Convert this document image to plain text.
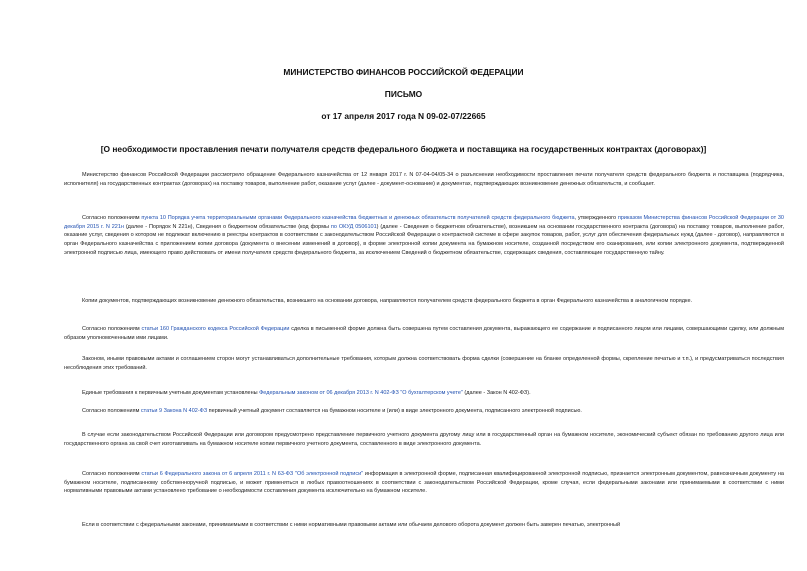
МИНИСТЕРСТВО ФИНАНСОВ РОССИЙСКОЙ ФЕДЕРАЦИИ
ПИСЬМО
от 17 апреля 2017 года N 09-02-07/22665
[О необходимости проставления печати получателя средств федерального бюджета и поставщика на государственных контрактах (договорах)]

Министерство финансов Российской Федерации рассмотрело обращение Федерального казначейства от 12 января 2017 г. N 07-04-04/05-34 о разъяснении необходимости проставления печати получателя средств федерального бюджета и поставщика (подрядчика, исполнителя) на государственных контрактах (договорах) на поставку товаров, выполнение работ, оказание услуг (далее - документ-основание) и документах, подтверждающих возникновение денежных обязательств, и сообщает.

Согласно положениям пункта 10 Порядка учета территориальными органами Федерального казначейства бюджетных и денежных обязательств получателей средств федерального бюджета, утвержденного приказом Министерства финансов Российской Федерации от 30 декабря 2015 г. N 221н (далее - Порядок N 221н), Сведения о бюджетном обязательстве (код формы по ОКУД 0506101) (далее - Сведения о бюджетном обязательстве), возникшем на основании государственного контракта (договора) на поставку товаров, выполнение работ, оказание услуг, сведения о котором не подлежат включению в реестры контрактов в соответствии с законодательством Российской Федерации о контрактной системе в сфере закупок товаров, работ, услуг для обеспечения федеральных нужд (далее - договор), направляются в орган Федерального казначейства с приложением копии договора (документа о внесении изменений в договор), в форме электронной копии документа на бумажном носителе, созданной посредством его сканирования, или копии электронного документа, подтвержденной электронной подписью лица, имеющего право действовать от имени получателя средств федерального бюджета, за исключением Сведений о бюджетном обязательстве, содержащих сведения, составляющие государственную тайну.

Копии документов, подтверждающих возникновение денежного обязательства, возникшего на основании договора, направляются получателем средств федерального бюджета в орган Федерального казначейства в аналогичном порядке.

Согласно положениям статьи 160 Гражданского кодекса Российской Федерации сделка в письменной форме должна быть совершена путем составления документа, выражающего ее содержание и подписанного лицом или лицами, совершающими сделку, или должным образом уполномоченными ими лицами.

Законом, иными правовыми актами и соглашением сторон могут устанавливаться дополнительные требования, которым должна соответствовать форма сделки (совершение на бланке определенной формы, скрепление печатью и т.п.), и предусматриваться последствия несоблюдения этих требований.

Единые требования к первичным учетным документам установлены Федеральным законом от 06 декабря 2013 г. N 402-ФЗ "О бухгалтерском учете" (далее - Закон N 402-ФЗ).

Согласно положениям статьи 9 Закона N 402-ФЗ первичный учетный документ составляется на бумажном носителе и (или) в виде электронного документа, подписанного электронной подписью.

В случае если законодательством Российской Федерации или договором предусмотрено представление первичного учетного документа другому лицу или в государственный орган на бумажном носителе, экономический субъект обязан по требованию другого лица или государственного органа за свой счет изготавливать на бумажном носителе копии первичного учетного документа, составленного в виде электронного документа.

Согласно положениям статьи 6 Федерального закона от 6 апреля 2011 г. N 63-ФЗ "Об электронной подписи" информация в электронной форме, подписанная квалифицированной электронной подписью, признается электронным документом, равнозначным документу на бумажном носителе, подписанному собственноручной подписью, и может применяться в любых правоотношениях в соответствии с законодательством Российской Федерации, кроме случая, если федеральными законами или принимаемыми в соответствии с ними нормативными правовыми актами установлено требование о необходимости составления документа исключительно на бумажном носителе.

Если в соответствии с федеральными законами, принимаемыми в соответствии с ними нормативными правовыми актами или обычаем делового оборота документ должен быть заверен печатью, электронный
